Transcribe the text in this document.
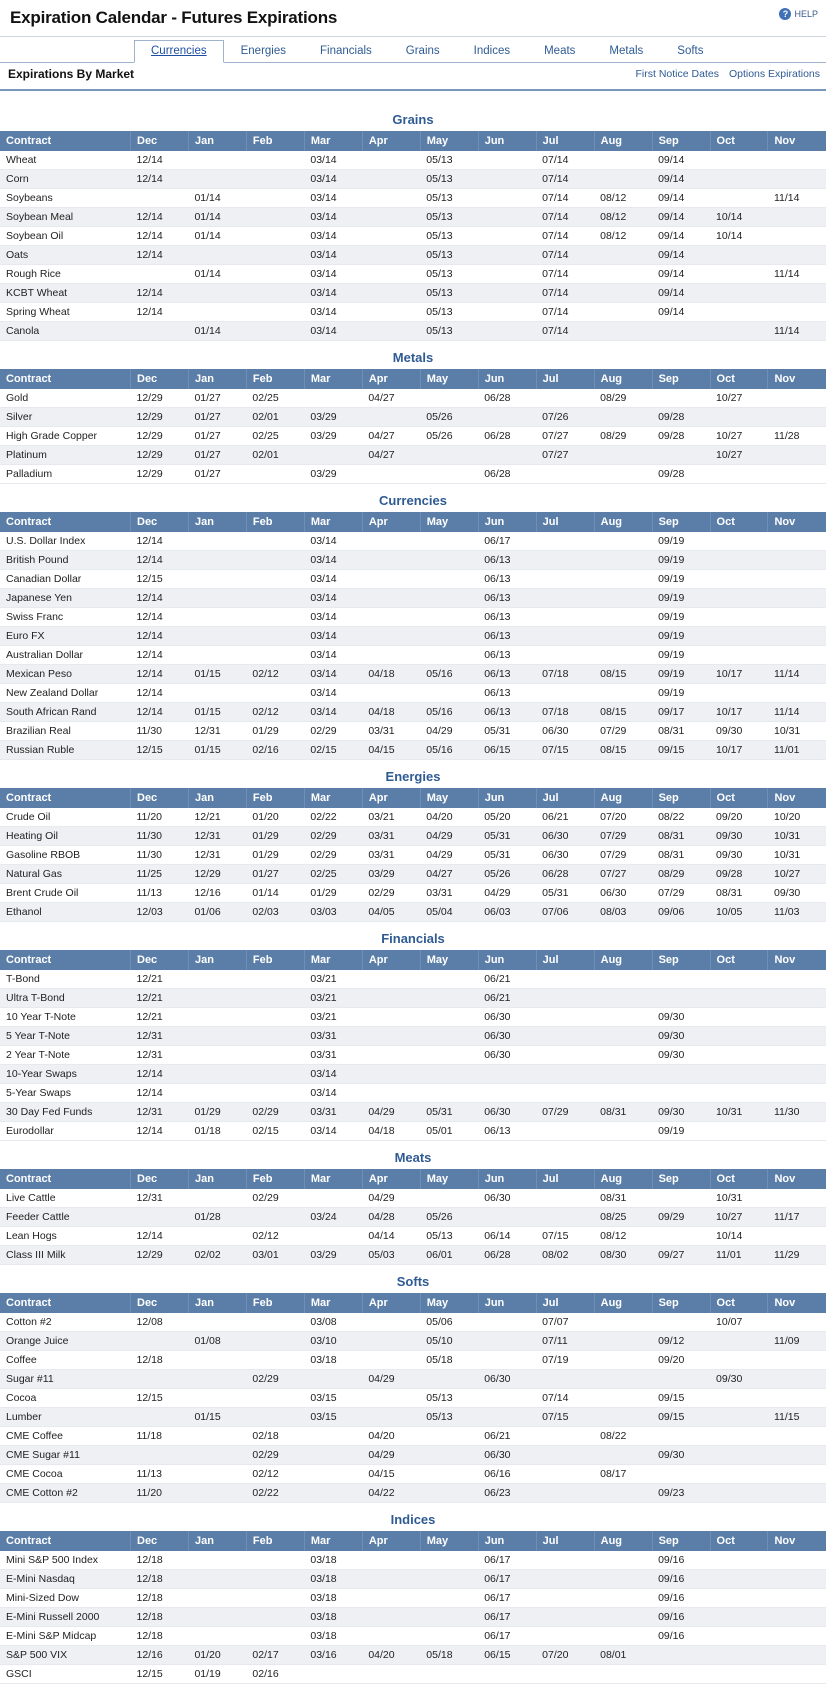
Expiration Calendar - Futures Expirations	? HELP
Currencies	Energies	Financials	Grains	Indices	Meats	Metals	Softs
Expirations By Market	First Notice Dates Options Expirations
Grains
Contract	Dec	Jan	Feb	Mar	Apr	May	Jun	Jul	Aug	Sep	Oct	Nov
Wheat	12/14			03/14		05/13		07/14		09/14		
Corn	12/14			03/14		05/13		07/14		09/14		
Soybeans		01/14		03/14		05/13		07/14	08/12	09/14		11/14
Soybean Meal	12/14	01/14		03/14		05/13		07/14	08/12	09/14	10/14	
Soybean Oil	12/14	01/14		03/14		05/13		07/14	08/12	09/14	10/14	
Oats	12/14			03/14		05/13		07/14		09/14		
Rough Rice		01/14		03/14		05/13		07/14		09/14		11/14
KCBT Wheat	12/14			03/14		05/13		07/14		09/14		
Spring Wheat	12/14			03/14		05/13		07/14		09/14		
Canola		01/14		03/14		05/13		07/14				11/14
Metals
Contract	Dec	Jan	Feb	Mar	Apr	May	Jun	Jul	Aug	Sep	Oct	Nov
Gold	12/29	01/27	02/25		04/27		06/28		08/29		10/27	
Silver	12/29	01/27	02/01	03/29		05/26		07/26		09/28		
High Grade Copper	12/29	01/27	02/25	03/29	04/27	05/26	06/28	07/27	08/29	09/28	10/27	11/28
Platinum	12/29	01/27	02/01		04/27			07/27			10/27	
Palladium	12/29	01/27		03/29			06/28			09/28		
Currencies
Contract	Dec	Jan	Feb	Mar	Apr	May	Jun	Jul	Aug	Sep	Oct	Nov
U.S. Dollar Index	12/14			03/14			06/17			09/19		
British Pound	12/14			03/14			06/13			09/19		
Canadian Dollar	12/15			03/14			06/13			09/19		
Japanese Yen	12/14			03/14			06/13			09/19		
Swiss Franc	12/14			03/14			06/13			09/19		
Euro FX	12/14			03/14			06/13			09/19		
Australian Dollar	12/14			03/14			06/13			09/19		
Mexican Peso	12/14	01/15	02/12	03/14	04/18	05/16	06/13	07/18	08/15	09/19	10/17	11/14
New Zealand Dollar	12/14			03/14			06/13			09/19		
South African Rand	12/14	01/15	02/12	03/14	04/18	05/16	06/13	07/18	08/15	09/17	10/17	11/14
Brazilian Real	11/30	12/31	01/29	02/29	03/31	04/29	05/31	06/30	07/29	08/31	09/30	10/31
Russian Ruble	12/15	01/15	02/16	02/15	04/15	05/16	06/15	07/15	08/15	09/15	10/17	11/01
Energies
Contract	Dec	Jan	Feb	Mar	Apr	May	Jun	Jul	Aug	Sep	Oct	Nov
Crude Oil	11/20	12/21	01/20	02/22	03/21	04/20	05/20	06/21	07/20	08/22	09/20	10/20
Heating Oil	11/30	12/31	01/29	02/29	03/31	04/29	05/31	06/30	07/29	08/31	09/30	10/31
Gasoline RBOB	11/30	12/31	01/29	02/29	03/31	04/29	05/31	06/30	07/29	08/31	09/30	10/31
Natural Gas	11/25	12/29	01/27	02/25	03/29	04/27	05/26	06/28	07/27	08/29	09/28	10/27
Brent Crude Oil	11/13	12/16	01/14	01/29	02/29	03/31	04/29	05/31	06/30	07/29	08/31	09/30
Ethanol	12/03	01/06	02/03	03/03	04/05	05/04	06/03	07/06	08/03	09/06	10/05	11/03
Financials
Contract	Dec	Jan	Feb	Mar	Apr	May	Jun	Jul	Aug	Sep	Oct	Nov
T-Bond	12/21			03/21			06/21					
Ultra T-Bond	12/21			03/21			06/21					
10 Year T-Note	12/21			03/21			06/30			09/30		
5 Year T-Note	12/31			03/31			06/30			09/30		
2 Year T-Note	12/31			03/31			06/30			09/30		
10-Year Swaps	12/14			03/14								
5-Year Swaps	12/14			03/14								
30 Day Fed Funds	12/31	01/29	02/29	03/31	04/29	05/31	06/30	07/29	08/31	09/30	10/31	11/30
Eurodollar	12/14	01/18	02/15	03/14	04/18	05/01	06/13			09/19		
Meats
Contract	Dec	Jan	Feb	Mar	Apr	May	Jun	Jul	Aug	Sep	Oct	Nov
Live Cattle	12/31		02/29		04/29		06/30		08/31		10/31	
Feeder Cattle		01/28		03/24	04/28	05/26			08/25	09/29	10/27	11/17
Lean Hogs	12/14		02/12		04/14	05/13	06/14	07/15	08/12		10/14	
Class III Milk	12/29	02/02	03/01	03/29	05/03	06/01	06/28	08/02	08/30	09/27	11/01	11/29
Softs
Contract	Dec	Jan	Feb	Mar	Apr	May	Jun	Jul	Aug	Sep	Oct	Nov
Cotton #2	12/08			03/08		05/06		07/07			10/07	
Orange Juice		01/08		03/10		05/10		07/11		09/12		11/09
Coffee	12/18			03/18		05/18		07/19		09/20		
Sugar #11			02/29		04/29		06/30				09/30	
Cocoa	12/15			03/15		05/13		07/14		09/15		
Lumber		01/15		03/15		05/13		07/15		09/15		11/15
CME Coffee	11/18		02/18		04/20		06/21		08/22			
CME Sugar #11			02/29		04/29		06/30			09/30		
CME Cocoa	11/13		02/12		04/15		06/16		08/17			
CME Cotton #2	11/20		02/22		04/22		06/23			09/23		
Indices
Contract	Dec	Jan	Feb	Mar	Apr	May	Jun	Jul	Aug	Sep	Oct	Nov
Mini S&P 500 Index	12/18			03/18			06/17			09/16		
E-Mini Nasdaq	12/18			03/18			06/17			09/16		
Mini-Sized Dow	12/18			03/18			06/17			09/16		
E-Mini Russell 2000	12/18			03/18			06/17			09/16		
E-Mini S&P Midcap	12/18			03/18			06/17			09/16		
S&P 500 VIX	12/16	01/20	02/17	03/16	04/20	05/18	06/15	07/20	08/01			
GSCI	12/15	01/19	02/16									
